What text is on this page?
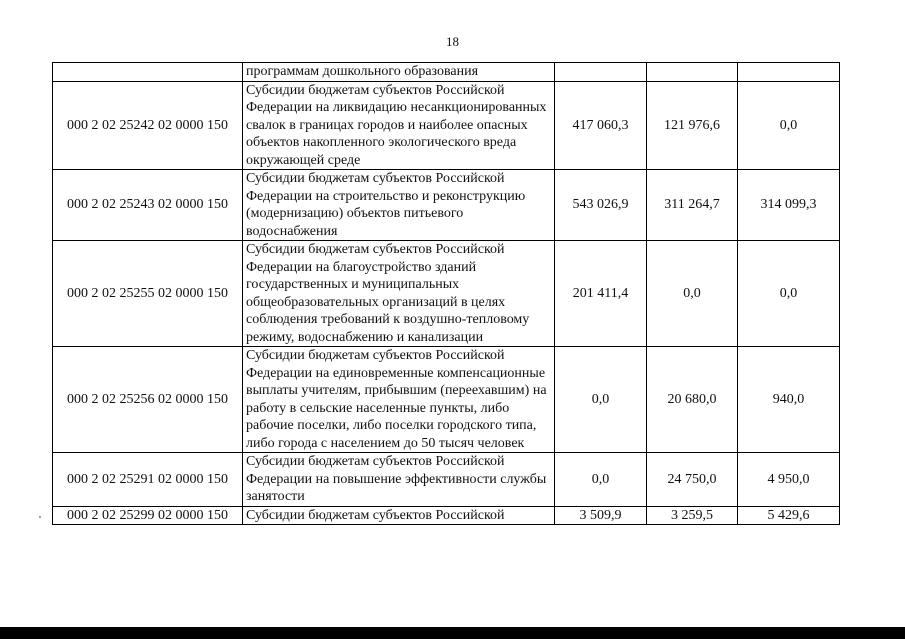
18
'
	программам дошкольного образования			
000 2 02 25242 02 0000 150	Субсидии бюджетам субъектов Российской Федерации на ликвидацию несанкционированных свалок в границах городов и наиболее опасных объектов накопленного экологического вреда окружающей среде	417 060,3	121 976,6	0,0
000 2 02 25243 02 0000 150	Субсидии бюджетам субъектов Российской Федерации на строительство и реконструкцию (модернизацию) объектов питьевого водоснабжения	543 026,9	311 264,7	314 099,3
000 2 02 25255 02 0000 150	Субсидии бюджетам субъектов Российской Федерации на благоустройство зданий государственных и муниципальных общеобразовательных организаций в целях соблюдения требований к воздушно-тепловому режиму, водоснабжению и канализации	201 411,4	0,0	0,0
000 2 02 25256 02 0000 150	Субсидии бюджетам субъектов Российской Федерации на единовременные компенсационные выплаты учителям, прибывшим (переехавшим) на работу в сельские населенные пункты, либо рабочие поселки, либо поселки городского типа, либо города с населением до 50 тысяч человек	0,0	20 680,0	940,0
000 2 02 25291 02 0000 150	Субсидии бюджетам субъектов Российской Федерации на повышение эффективности службы занятости	0,0	24 750,0	4 950,0
000 2 02 25299 02 0000 150	Субсидии бюджетам субъектов Российской	3 509,9	3 259,5	5 429,6
